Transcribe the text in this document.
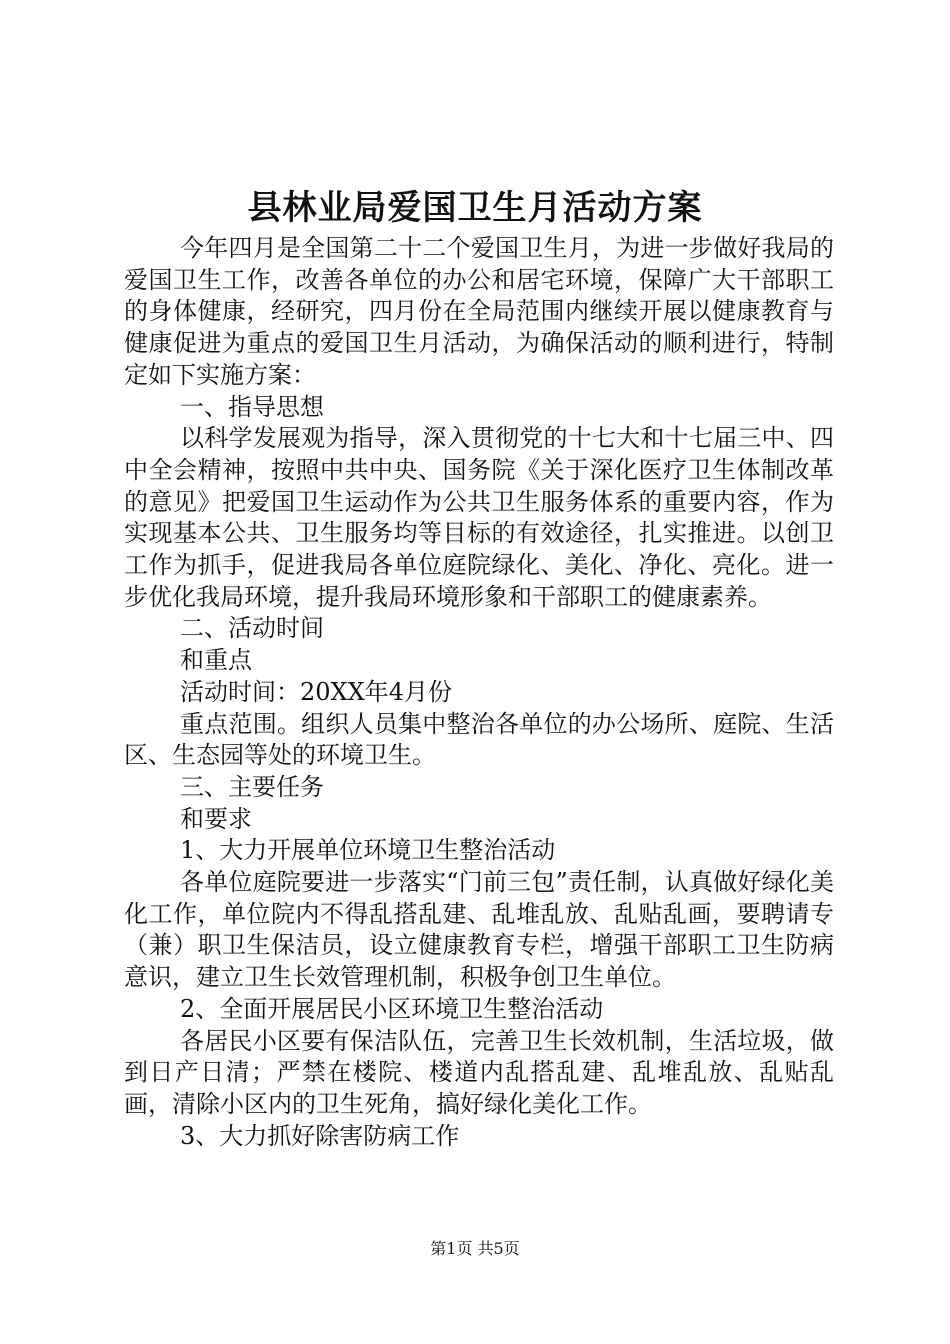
县林业局爱国卫生月活动方案

今年四月是全国第二十二个爱国卫生月，为进一步做好我局的爱国卫生工作，改善各单位的办公和居宅环境，保障广大干部职工的身体健康，经研究，四月份在全局范围内继续开展以健康教育与健康促进为重点的爱国卫生月活动，为确保活动的顺利进行，特制定如下实施方案：

一、指导思想

以科学发展观为指导，深入贯彻党的十七大和十七届三中、四中全会精神，按照中共中央、国务院《关于深化医疗卫生体制改革的意见》把爱国卫生运动作为公共卫生服务体系的重要内容，作为实现基本公共、卫生服务均等目标的有效途径，扎实推进。以创卫工作为抓手，促进我局各单位庭院绿化、美化、净化、亮化。进一步优化我局环境，提升我局环境形象和干部职工的健康素养。

二、活动时间

和重点

活动时间：20XX年4月份

重点范围。组织人员集中整治各单位的办公场所、庭院、生活区、生态园等处的环境卫生。

三、主要任务

和要求

1、大力开展单位环境卫生整治活动

各单位庭院要进一步落实“门前三包”责任制，认真做好绿化美化工作，单位院内不得乱搭乱建、乱堆乱放、乱贴乱画，要聘请专（兼）职卫生保洁员，设立健康教育专栏，增强干部职工卫生防病意识，建立卫生长效管理机制，积极争创卫生单位。

2、全面开展居民小区环境卫生整治活动

各居民小区要有保洁队伍，完善卫生长效机制，生活垃圾，做到日产日清；严禁在楼院、楼道内乱搭乱建、乱堆乱放、乱贴乱画，清除小区内的卫生死角，搞好绿化美化工作。

3、大力抓好除害防病工作

第1页 共5页
